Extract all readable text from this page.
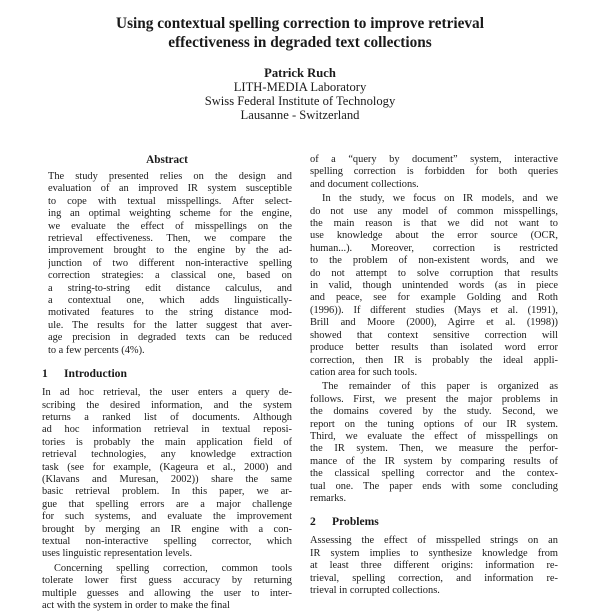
Using contextual spelling correction to improve retrieval
effectiveness in degraded text collections
Patrick Ruch
LITH-MEDIA Laboratory
Swiss Federal Institute of Technology
Lausanne - Switzerland
Abstract
The study presented relies on the design and
evaluation of an improved IR system susceptible
to cope with textual misspellings. After select-
ing an optimal weighting scheme for the engine,
we evaluate the effect of misspellings on the
retrieval effectiveness. Then, we compare the
improvement brought to the engine by the ad-
junction of two different non-interactive spelling
correction strategies: a classical one, based on
a string-to-string edit distance calculus, and
a contextual one, which adds linguistically-
motivated features to the string distance mod-
ule. The results for the latter suggest that aver-
age precision in degraded texts can be reduced
to a few percents (4%).
1	Introduction
In ad hoc retrieval, the user enters a query de-
scribing the desired information, and the system
returns a ranked list of documents. Although
ad hoc information retrieval in textual reposi-
tories is probably the main application field of
retrieval technologies, any knowledge extraction
task (see for example, (Kageura et al., 2000) and
(Klavans and Muresan, 2002)) share the same
basic retrieval problem. In this paper, we ar-
gue that spelling errors are a major challenge
for such systems, and evaluate the improvement
brought by merging an IR engine with a con-
textual non-interactive spelling corrector, which
uses linguistic representation levels.
Concerning spelling correction, common tools
tolerate lower first guess accuracy by returning
multiple guesses and allowing the user to inter-
act with the system in order to make the final
of a “query by document” system, interactive
spelling correction is forbidden for both queries
and document collections.
In the study, we focus on IR models, and we
do not use any model of common misspellings,
the main reason is that we did not want to
use knowledge about the error source (OCR,
human...). Moreover, correction is restricted
to the problem of non-existent words, and we
do not attempt to solve corruption that results
in valid, though unintended words (as in piece
and peace, see for example Golding and Roth
(1996)). If different studies (Mays et al. (1991),
Brill and Moore (2000), Agirre et al. (1998))
showed that context sensitive correction will
produce better results than isolated word error
correction, then IR is probably the ideal appli-
cation area for such tools.
The remainder of this paper is organized as
follows. First, we present the major problems in
the domains covered by the study. Second, we
report on the tuning options of our IR system.
Third, we evaluate the effect of misspellings on
the IR system. Then, we measure the perfor-
mance of the IR system by comparing results of
the classical spelling corrector and the contex-
tual one. The paper ends with some concluding
remarks.
2	Problems
Assessing the effect of misspelled strings on an
IR system implies to synthesize knowledge from
at least three different origins: information re-
trieval, spelling correction, and information re-
trieval in corrupted collections.
